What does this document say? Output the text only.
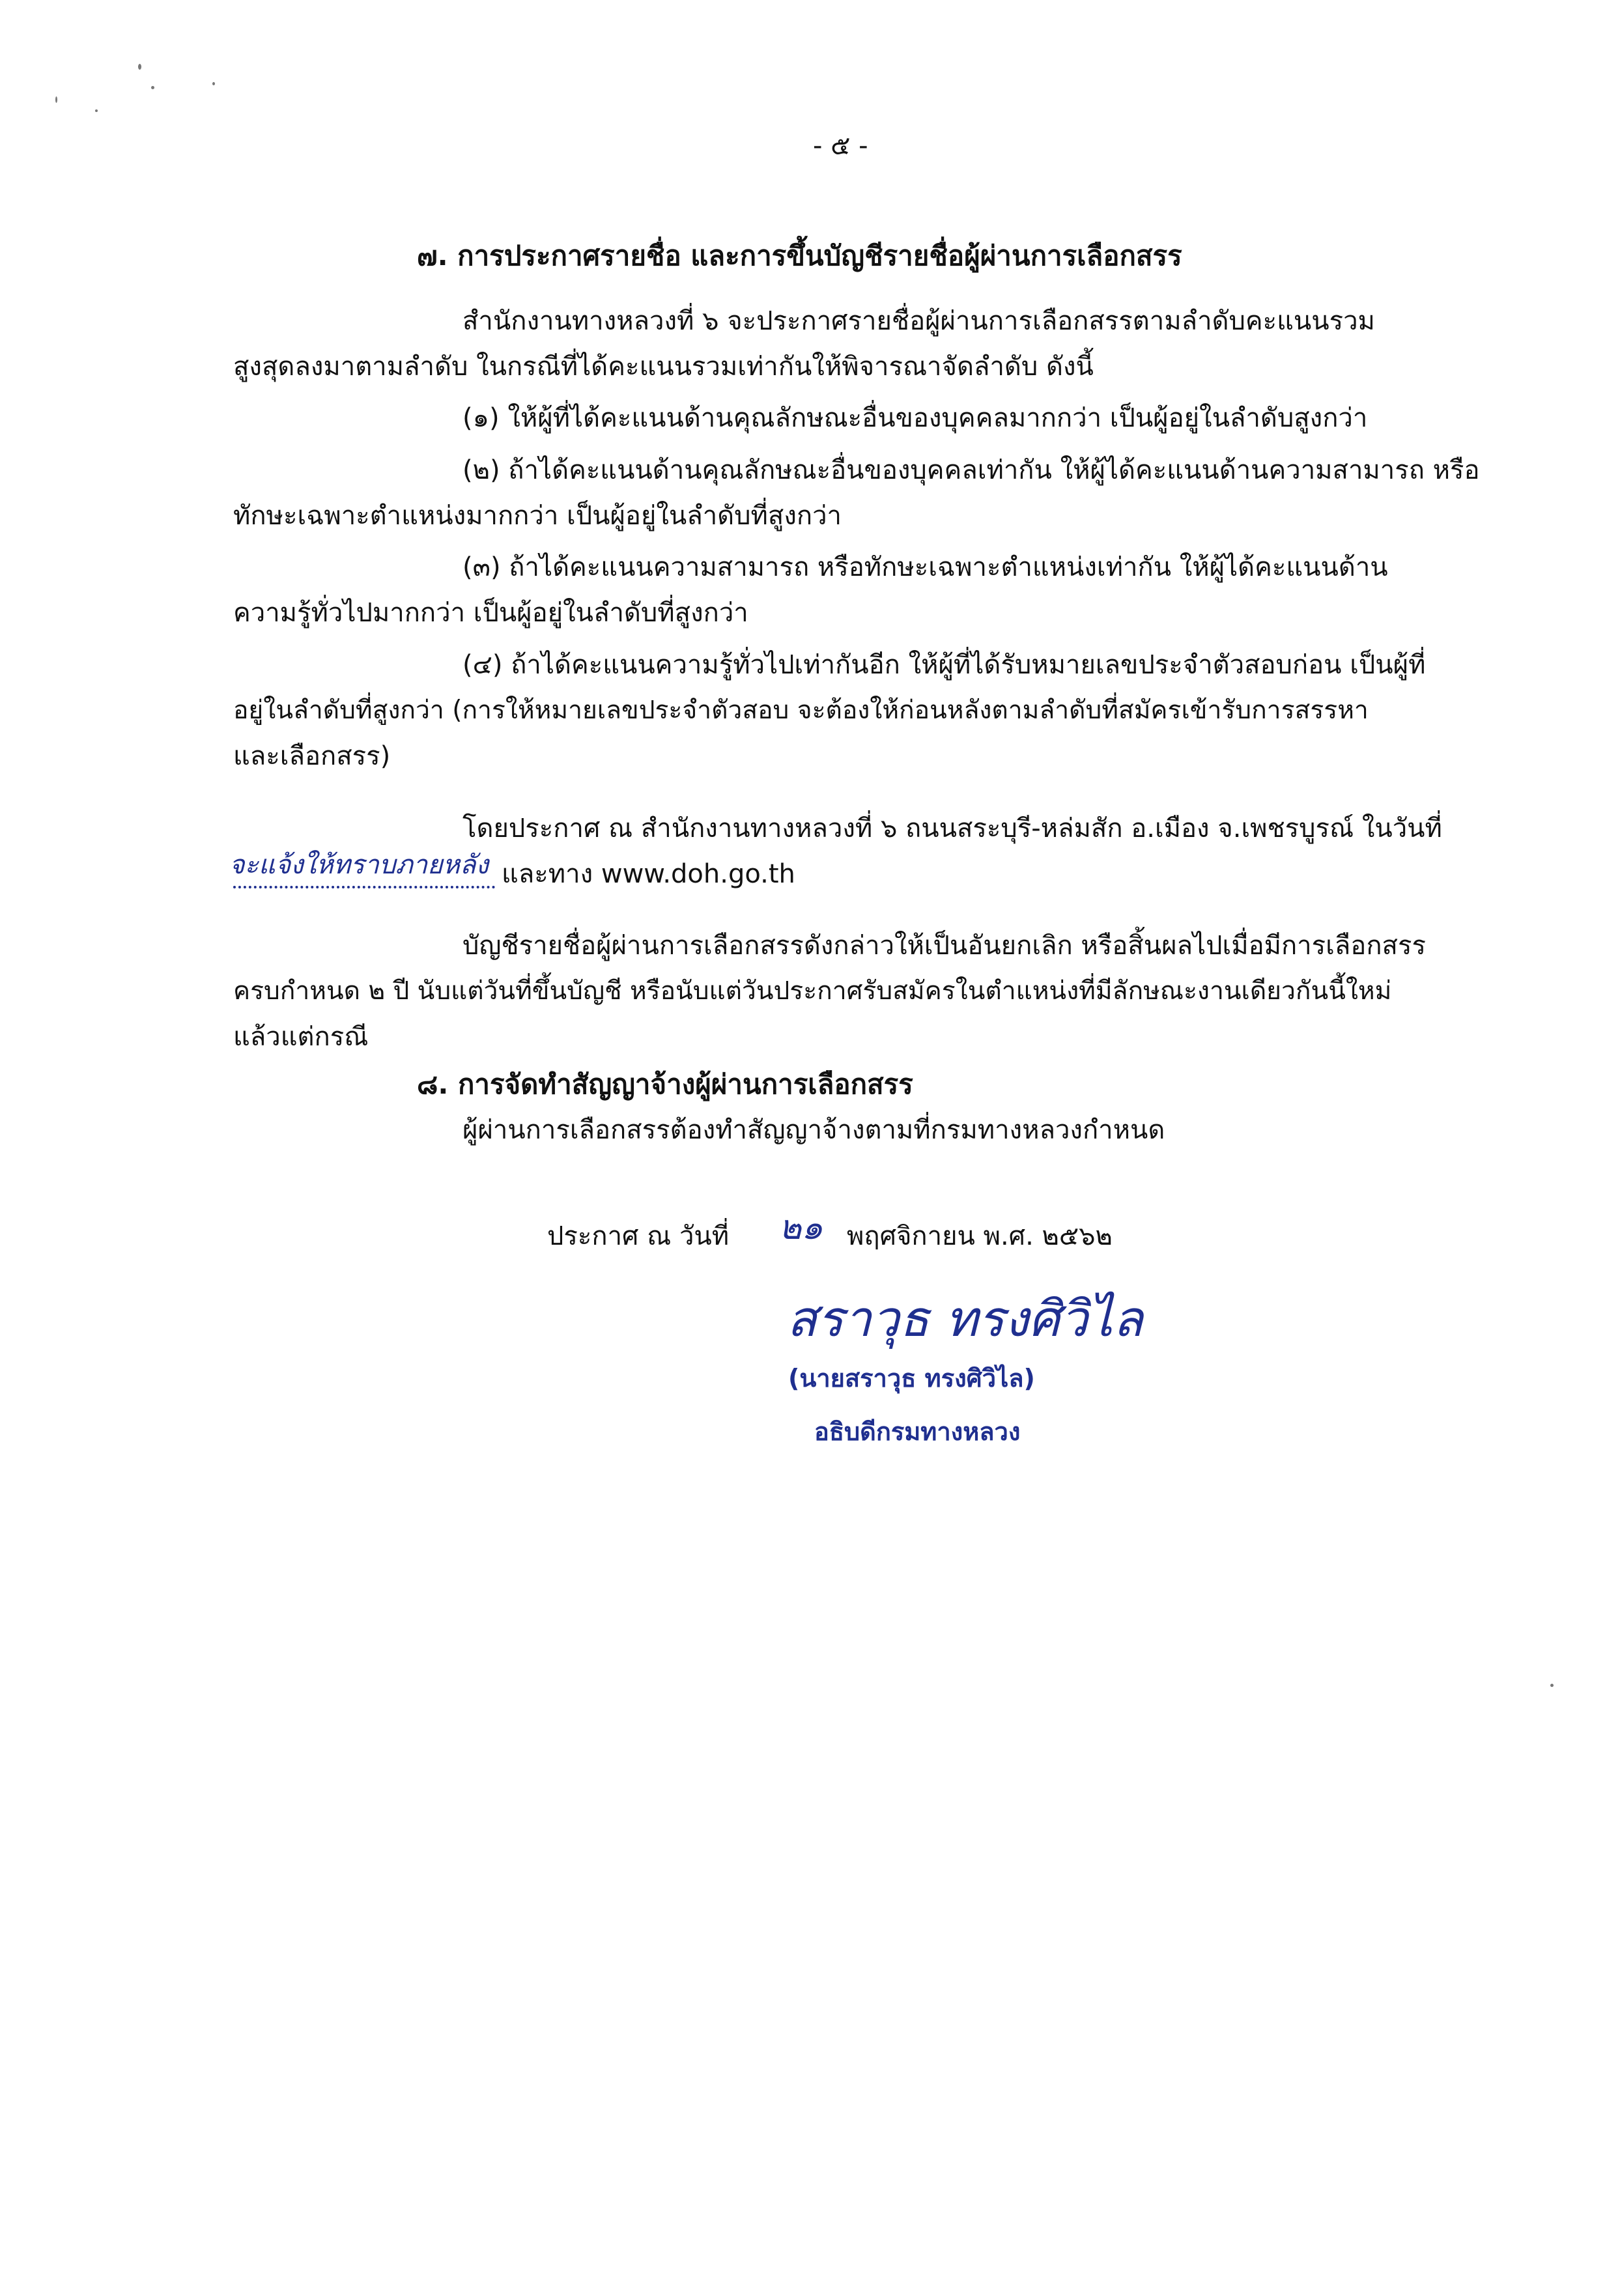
- ๕ -
๗. การประกาศรายชื่อ และการขึ้นบัญชีรายชื่อผู้ผ่านการเลือกสรร
สำนักงานทางหลวงที่ ๖ จะประกาศรายชื่อผู้ผ่านการเลือกสรรตามลำดับคะแนนรวม
สูงสุดลงมาตามลำดับ ในกรณีที่ได้คะแนนรวมเท่ากันให้พิจารณาจัดลำดับ ดังนี้
(๑) ให้ผู้ที่ได้คะแนนด้านคุณลักษณะอื่นของบุคคลมากกว่า เป็นผู้อยู่ในลำดับสูงกว่า
(๒) ถ้าได้คะแนนด้านคุณลักษณะอื่นของบุคคลเท่ากัน ให้ผู้ได้คะแนนด้านความสามารถ หรือ
ทักษะเฉพาะตำแหน่งมากกว่า เป็นผู้อยู่ในลำดับที่สูงกว่า
(๓) ถ้าได้คะแนนความสามารถ หรือทักษะเฉพาะตำแหน่งเท่ากัน ให้ผู้ได้คะแนนด้าน
ความรู้ทั่วไปมากกว่า เป็นผู้อยู่ในลำดับที่สูงกว่า
(๔) ถ้าได้คะแนนความรู้ทั่วไปเท่ากันอีก ให้ผู้ที่ได้รับหมายเลขประจำตัวสอบก่อน เป็นผู้ที่
อยู่ในลำดับที่สูงกว่า (การให้หมายเลขประจำตัวสอบ จะต้องให้ก่อนหลังตามลำดับที่สมัครเข้ารับการสรรหา
และเลือกสรร)
โดยประกาศ ณ สำนักงานทางหลวงที่ ๖ ถนนสระบุรี-หล่มสัก อ.เมือง จ.เพชรบูรณ์ ในวันที่
จะแจ้งให้ทราบภายหลัง และทาง www.doh.go.th
บัญชีรายชื่อผู้ผ่านการเลือกสรรดังกล่าวให้เป็นอันยกเลิก หรือสิ้นผลไปเมื่อมีการเลือกสรร
ครบกำหนด ๒ ปี นับแต่วันที่ขึ้นบัญชี หรือนับแต่วันประกาศรับสมัครในตำแหน่งที่มีลักษณะงานเดียวกันนี้ใหม่
แล้วแต่กรณี
๘. การจัดทำสัญญาจ้างผู้ผ่านการเลือกสรร
ผู้ผ่านการเลือกสรรต้องทำสัญญาจ้างตามที่กรมทางหลวงกำหนด
ประกาศ ณ วันที่ ๒๑ พฤศจิกายน พ.ศ. ๒๕๖๒
สราวุธ ทรงศิวิไล
(นายสราวุธ ทรงศิวิไล)
อธิบดีกรมทางหลวง
